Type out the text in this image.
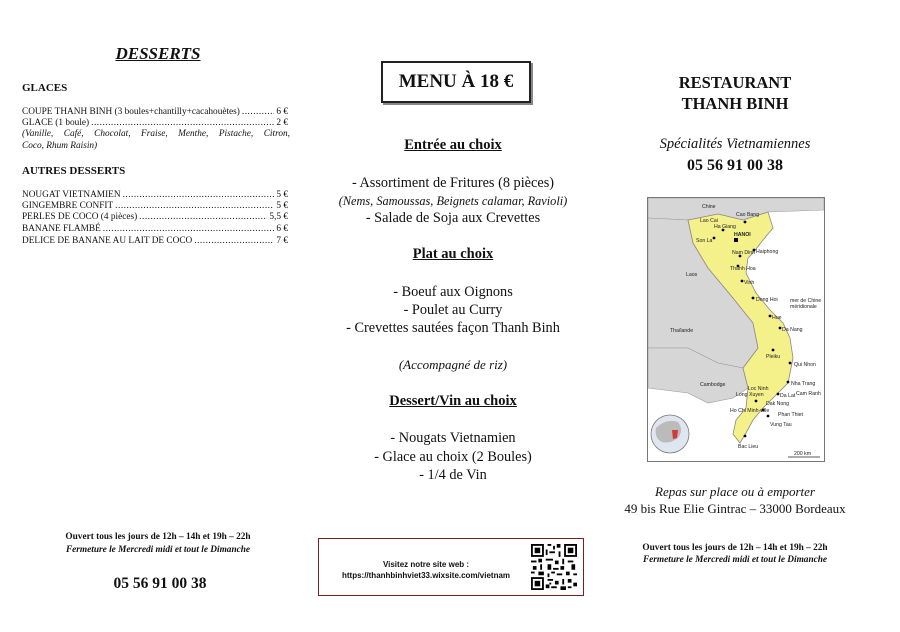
DESSERTS
GLACES
COUPE THANH BINH (3 boules+chantilly+cacahouètes) .....	6 €
GLACE (1 boule) .....	2 €
(Vanille, Café, Chocolat, Fraise, Menthe, Pistache, Citron,
Coco, Rhum Raisin)
AUTRES DESSERTS
NOUGAT VIETNAMIEN .....	5 €
GINGEMBRE CONFIT .....	5 €
PERLES DE COCO (4 pièces) .....	5,5 €
BANANE FLAMBÉ .....	6 €
DELICE DE BANANE AU LAIT DE COCO .....	7 €
Ouvert tous les jours de 12h – 14h et 19h – 22h
Fermeture le Mercredi midi et tout le Dimanche
05 56 91 00 38
MENU À 18 €
Entrée au choix
- Assortiment de Fritures (8 pièces)
(Nems, Samoussas, Beignets calamar, Ravioli)
- Salade de Soja aux Crevettes
Plat au choix
- Boeuf aux Oignons
- Poulet au Curry
- Crevettes sautées façon Thanh Binh
(Accompagné de riz)
Dessert/Vin au choix
- Nougats Vietnamien
- Glace au choix (2 Boules)
- 1/4 de Vin
Visitez notre site web :
https://thanhbinhviet33.wixsite.com/vietnam
RESTAURANT
THANH BINH
Spécialités Vietnamiennes
05 56 91 00 38
Chine
Lao Cai
Cao Bang
Ha Giang
Son La
HANOI
Haiphong
Nam Dinh
Thanh Hoa
Vinh
Laos
Dong Hoi
Hue
Da Nang
mer de Chine
méridionale
Thaïlande
Pleiku
Qui Nhon
Cambodge	Nha Trang
Da Lat Cam Ranh
Long Xuyen
Ho Chi Minh-ville
Phan Thiet
Vung Tau
Bac Lieu
Dak Nong
Loc Ninh
200 km
Repas sur place ou à emporter
49 bis Rue Elie Gintrac – 33000 Bordeaux
Ouvert tous les jours de 12h – 14h et 19h – 22h
Fermeture le Mercredi midi et tout le Dimanche
